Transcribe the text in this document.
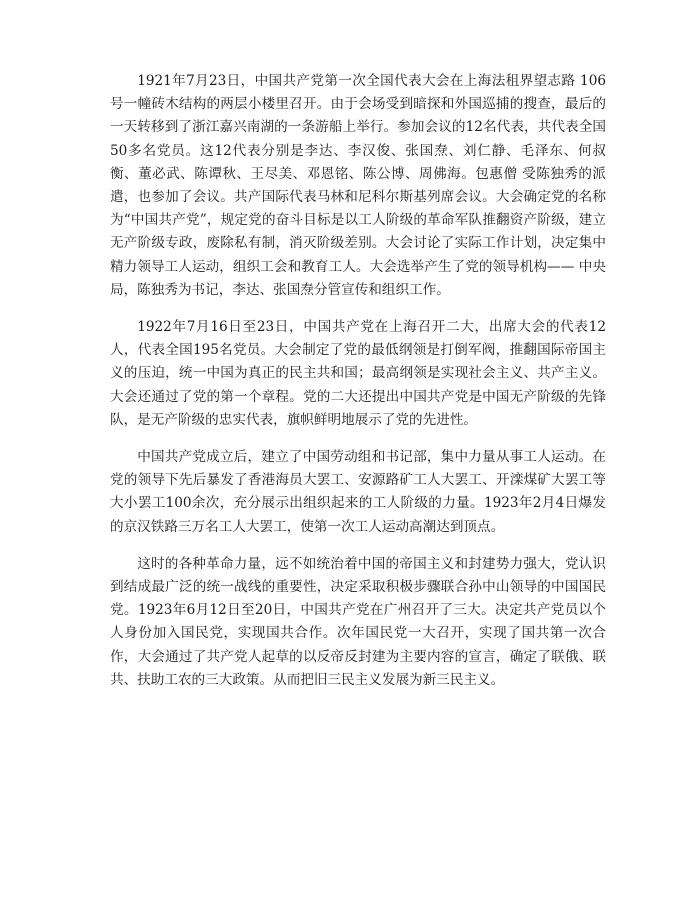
1921年7月23日，中国共产党第一次全国代表大会在上海法租界望志路 106 号一幢砖木结构的两层小楼里召开。由于会场受到暗探和外国巡捕的搜查，最后的一天转移到了浙江嘉兴南湖的一条游船上举行。参加会议的12名代表，共代表全国50多名党员。这12代表分别是李达、李汉俊、张国焘、刘仁静、毛泽东、何叔衡、董必武、陈谭秋、王尽美、邓恩铭、陈公博、周佛海。包惠僧 受陈独秀的派遣，也参加了会议。共产国际代表马林和尼科尔斯基列席会议。大会确定党的名称为“中国共产党”，规定党的奋斗目标是以工人阶级的革命军队推翻资产阶级，建立无产阶级专政，废除私有制，消灭阶级差别。大会讨论了实际工作计划，决定集中精力领导工人运动，组织工会和教育工人。大会选举产生了党的领导机构—— 中央局，陈独秀为书记，李达、张国焘分管宣传和组织工作。

1922年7月16日至23日，中国共产党在上海召开二大，出席大会的代表12人，代表全国195名党员。大会制定了党的最低纲领是打倒军阀，推翻国际帝国主义的压迫，统一中国为真正的民主共和国；最高纲领是实现社会主义、共产主义。大会还通过了党的第一个章程。党的二大还提出中国共产党是中国无产阶级的先锋队，是无产阶级的忠实代表，旗帜鲜明地展示了党的先进性。

中国共产党成立后，建立了中国劳动组和书记部，集中力量从事工人运动。在党的领导下先后暴发了香港海员大罢工、安源路矿工人大罢工、开滦煤矿大罢工等大小罢工100余次，充分展示出组织起来的工人阶级的力量。1923年2月4日爆发的京汉铁路三万名工人大罢工，使第一次工人运动高潮达到顶点。

这时的各种革命力量，远不如统治着中国的帝国主义和封建势力强大，党认识到结成最广泛的统一战线的重要性，决定采取积极步骤联合孙中山领导的中国国民党。1923年6月12日至20日，中国共产党在广州召开了三大。决定共产党员以个人身份加入国民党，实现国共合作。次年国民党一大召开，实现了国共第一次合作，大会通过了共产党人起草的以反帝反封建为主要内容的宣言，确定了联俄、联共、扶助工农的三大政策。从而把旧三民主义发展为新三民主义。
